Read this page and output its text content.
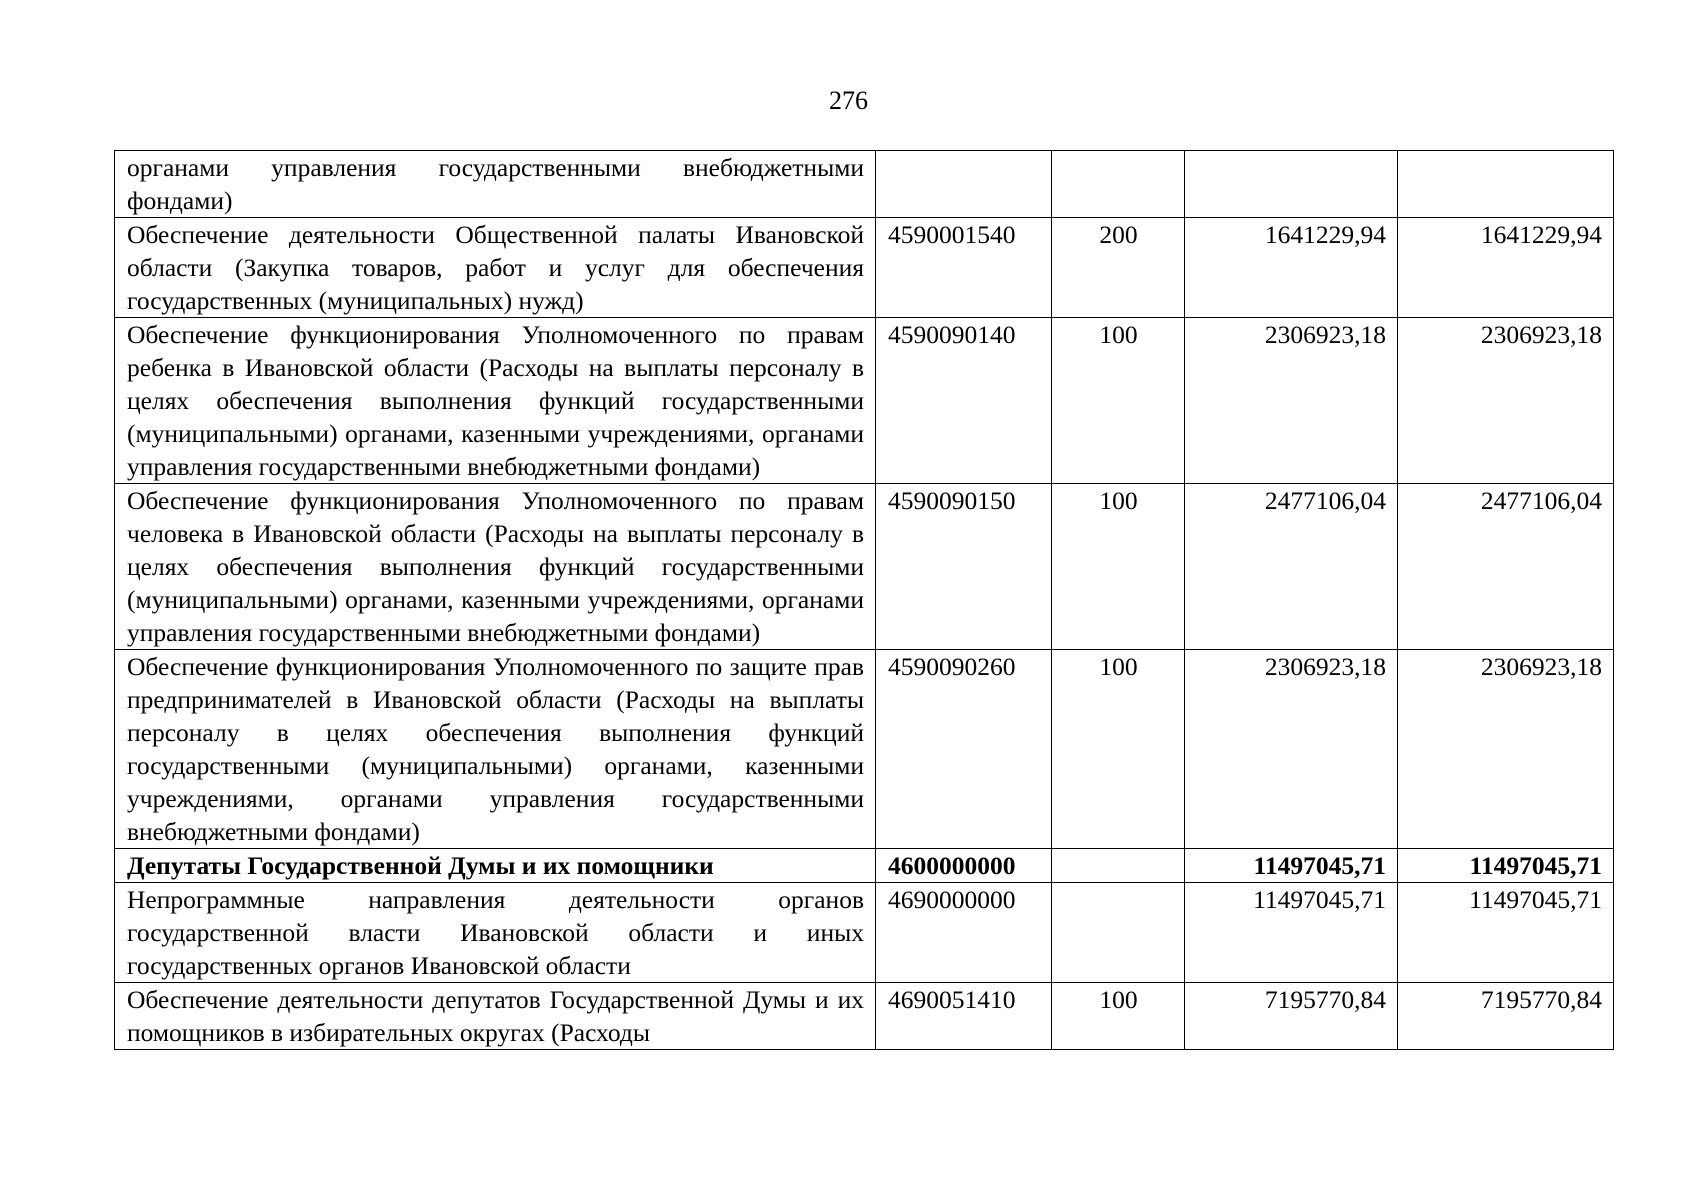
276
органами управления государственными внебюджетными фондами)				
Обеспечение деятельности Общественной палаты Ивановской области (Закупка товаров, работ и услуг для обеспечения государственных (муниципальных) нужд)	4590001540	200	1641229,94	1641229,94
Обеспечение функционирования Уполномоченного по правам ребенка в Ивановской области (Расходы на выплаты персоналу в целях обеспечения выполнения функций государственными (муниципальными) органами, казенными учреждениями, органами управления государственными внебюджетными фондами)	4590090140	100	2306923,18	2306923,18
Обеспечение функционирования Уполномоченного по правам человека в Ивановской области (Расходы на выплаты персоналу в целях обеспечения выполнения функций государственными (муниципальными) органами, казенными учреждениями, органами управления государственными внебюджетными фондами)	4590090150	100	2477106,04	2477106,04
Обеспечение функционирования Уполномоченного по защите прав предпринимателей в Ивановской области (Расходы на выплаты персоналу в целях обеспечения выполнения функций государственными (муниципальными) органами, казенными учреждениями, органами управления государственными внебюджетными фондами)	4590090260	100	2306923,18	2306923,18
Депутаты Государственной Думы и их помощники	4600000000		11497045,71	11497045,71
Непрограммные направления деятельности органов государственной власти Ивановской области и иных государственных органов Ивановской области	4690000000		11497045,71	11497045,71
Обеспечение деятельности депутатов Государственной Думы и их помощников в избирательных округах (Расходы	4690051410	100	7195770,84	7195770,84
